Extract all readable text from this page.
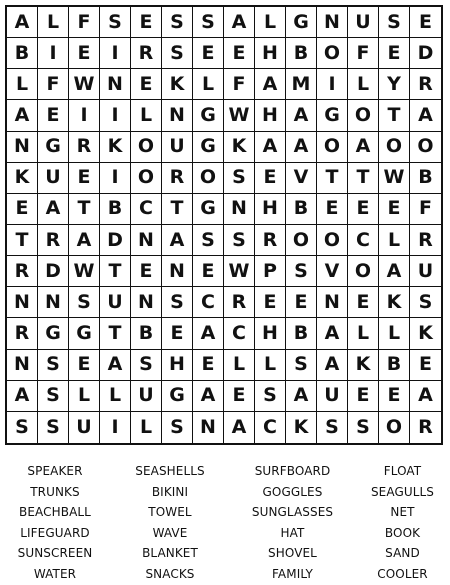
A L F S E S S A L G N U S E
B	I	E	I	R S E E H B O F E D
L F W N E K L F A M I	L Y R
A E	I	I	L N G W H A G O T A
N G R K O U G K A A O A O O
K U E	I	O R O S E V T T W B
E A T B C T G N H B E E E F
T R A D N A S S R O O C L R
R D W T E N E W P S V O A U
N N S U N S C R E E N E K S
R G G T B E A C H B A L L K
N S E A S H E L L S A K B E
A S L L U G A E S A U E E A
S S U	I	L S N A C K S S O R
SPEAKER	SEASHELLS	SURFBOARD	FLOAT
TRUNKS	BIKINI	GOGGLES	SEAGULLS
BEACHBALL	TOWEL	SUNGLASSES	NET
LIFEGUARD	WAVE	HAT	BOOK
SUNSCREEN	BLANKET	SHOVEL	SAND
WATER	SNACKS	FAMILY	COOLER
